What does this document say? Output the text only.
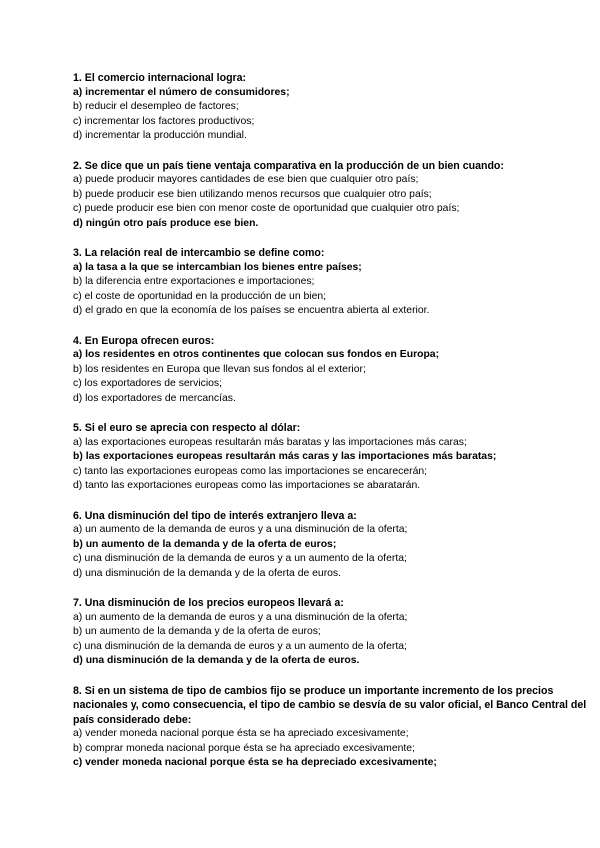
1. El comercio internacional logra:

a) incrementar el número de consumidores;
b) reducir el desempleo de factores;
c) incrementar los factores productivos;
d) incrementar la producción mundial.

2. Se dice que un país tiene ventaja comparativa en la producción de un bien cuando:

a) puede producir mayores cantidades de ese bien que cualquier otro país;
b) puede producir ese bien utilizando menos recursos que cualquier otro país;
c) puede producir ese bien con menor coste de oportunidad que cualquier otro país;
d) ningún otro país produce ese bien.

3. La relación real de intercambio se define como:

a) la tasa a la que se intercambian los bienes entre países;
b) la diferencia entre exportaciones e importaciones;
c) el coste de oportunidad en la producción de un bien;
d) el grado en que la economía de los países se encuentra abierta al exterior.

4. En Europa ofrecen euros:

a) los residentes en otros continentes que colocan sus fondos en Europa;
b) los residentes en Europa que llevan sus fondos al el exterior;
c) los exportadores de servicios;
d) los exportadores de mercancías.

5. Si el euro se aprecia con respecto al dólar:

a) las exportaciones europeas resultarán más baratas y las importaciones más caras;
b) las exportaciones europeas resultarán más caras y las importaciones más baratas;
c) tanto las exportaciones europeas como las importaciones se encarecerán;
d) tanto las exportaciones europeas como las importaciones se abaratarán.

6. Una disminución del tipo de interés extranjero lleva a:

a) un aumento de la demanda de euros y a una disminución de la oferta;
b) un aumento de la demanda y de la oferta de euros;
c) una disminución de la demanda de euros y a un aumento de la oferta;
d) una disminución de la demanda y de la oferta de euros.

7. Una disminución de los precios europeos llevará a:

a) un aumento de la demanda de euros y a una disminución de la oferta;
b) un aumento de la demanda y de la oferta de euros;
c) una disminución de la demanda de euros y a un aumento de la oferta;
d) una disminución de la demanda y de la oferta de euros.

8. Si en un sistema de tipo de cambios fijo se produce un importante incremento de los precios nacionales y, como consecuencia, el tipo de cambio se desvía de su valor oficial, el Banco Central del país considerado debe:

a) vender moneda nacional porque ésta se ha apreciado excesivamente;
b) comprar moneda nacional porque ésta se ha apreciado excesivamente;
c) vender moneda nacional porque ésta se ha depreciado excesivamente;
